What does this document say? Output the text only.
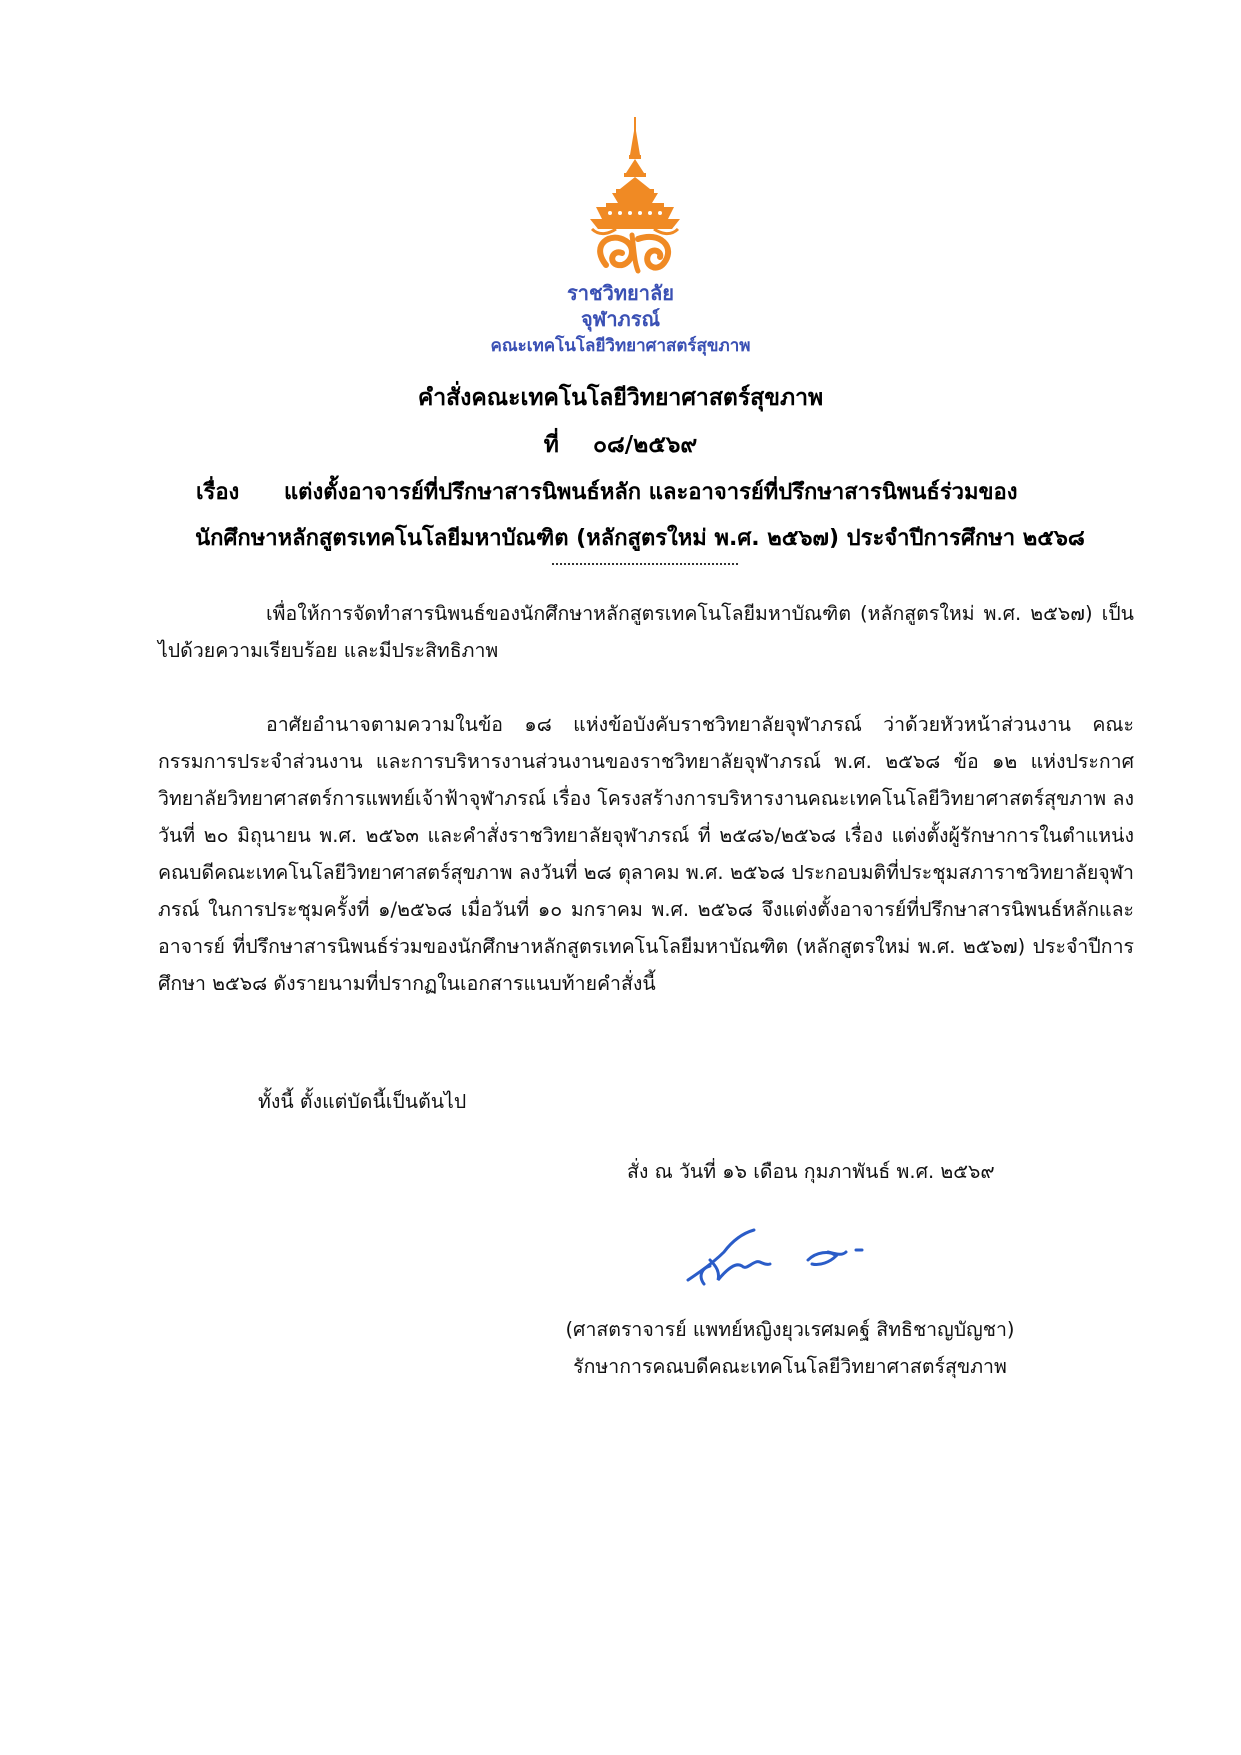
ราชวิทยาลัย
จุฬาภรณ์
คณะเทคโนโลยีวิทยาศาสตร์สุขภาพ
คำสั่งคณะเทคโนโลยีวิทยาศาสตร์สุขภาพ
ที่ ๐๘/๒๕๖๙
เรื่อง แต่งตั้งอาจารย์ที่ปรึกษาสารนิพนธ์หลัก และอาจารย์ที่ปรึกษาสารนิพนธ์ร่วมของ
นักศึกษาหลักสูตรเทคโนโลยีมหาบัณฑิต (หลักสูตรใหม่ พ.ศ. ๒๕๖๗) ประจำปีการศึกษา ๒๕๖๘
เพื่อให้การจัดทำสารนิพนธ์ของนักศึกษาหลักสูตรเทคโนโลยีมหาบัณฑิต (หลักสูตรใหม่ พ.ศ. ๒๕๖๗) เป็นไปด้วยความเรียบร้อย และมีประสิทธิภาพ
อาศัยอำนาจตามความในข้อ ๑๘ แห่งข้อบังคับราชวิทยาลัยจุฬาภรณ์ ว่าด้วยหัวหน้าส่วนงาน คณะกรรมการประจำส่วนงาน และการบริหารงานส่วนงานของราชวิทยาลัยจุฬาภรณ์ พ.ศ. ๒๕๖๘ ข้อ ๑๒ แห่งประกาศวิทยาลัยวิทยาศาสตร์การแพทย์เจ้าฟ้าจุฬาภรณ์ เรื่อง โครงสร้างการบริหารงานคณะเทคโนโลยีวิทยาศาสตร์สุขภาพ ลงวันที่ ๒๐ มิถุนายน พ.ศ. ๒๕๖๓ และคำสั่งราชวิทยาลัยจุฬาภรณ์ ที่ ๒๕๘๖/๒๕๖๘ เรื่อง แต่งตั้งผู้รักษาการในตำแหน่งคณบดีคณะเทคโนโลยีวิทยาศาสตร์สุขภาพ ลงวันที่ ๒๘ ตุลาคม พ.ศ. ๒๕๖๘ ประกอบมติที่ประชุมสภาราชวิทยาลัยจุฬาภรณ์ ในการประชุมครั้งที่ ๑/๒๕๖๘ เมื่อวันที่ ๑๐ มกราคม พ.ศ. ๒๕๖๘ จึงแต่งตั้งอาจารย์ที่ปรึกษาสารนิพนธ์หลักและอาจารย์ ที่ปรึกษาสารนิพนธ์ร่วมของนักศึกษาหลักสูตรเทคโนโลยีมหาบัณฑิต (หลักสูตรใหม่ พ.ศ. ๒๕๖๗) ประจำปีการศึกษา ๒๕๖๘ ดังรายนามที่ปรากฏในเอกสารแนบท้ายคำสั่งนี้
ทั้งนี้ ตั้งแต่บัดนี้เป็นต้นไป
สั่ง ณ วันที่ ๑๖ เดือน กุมภาพันธ์ พ.ศ. ๒๕๖๙
(ศาสตราจารย์ แพทย์หญิงยุวเรศมคฐ์ สิทธิชาญบัญชา)
รักษาการคณบดีคณะเทคโนโลยีวิทยาศาสตร์สุขภาพ
